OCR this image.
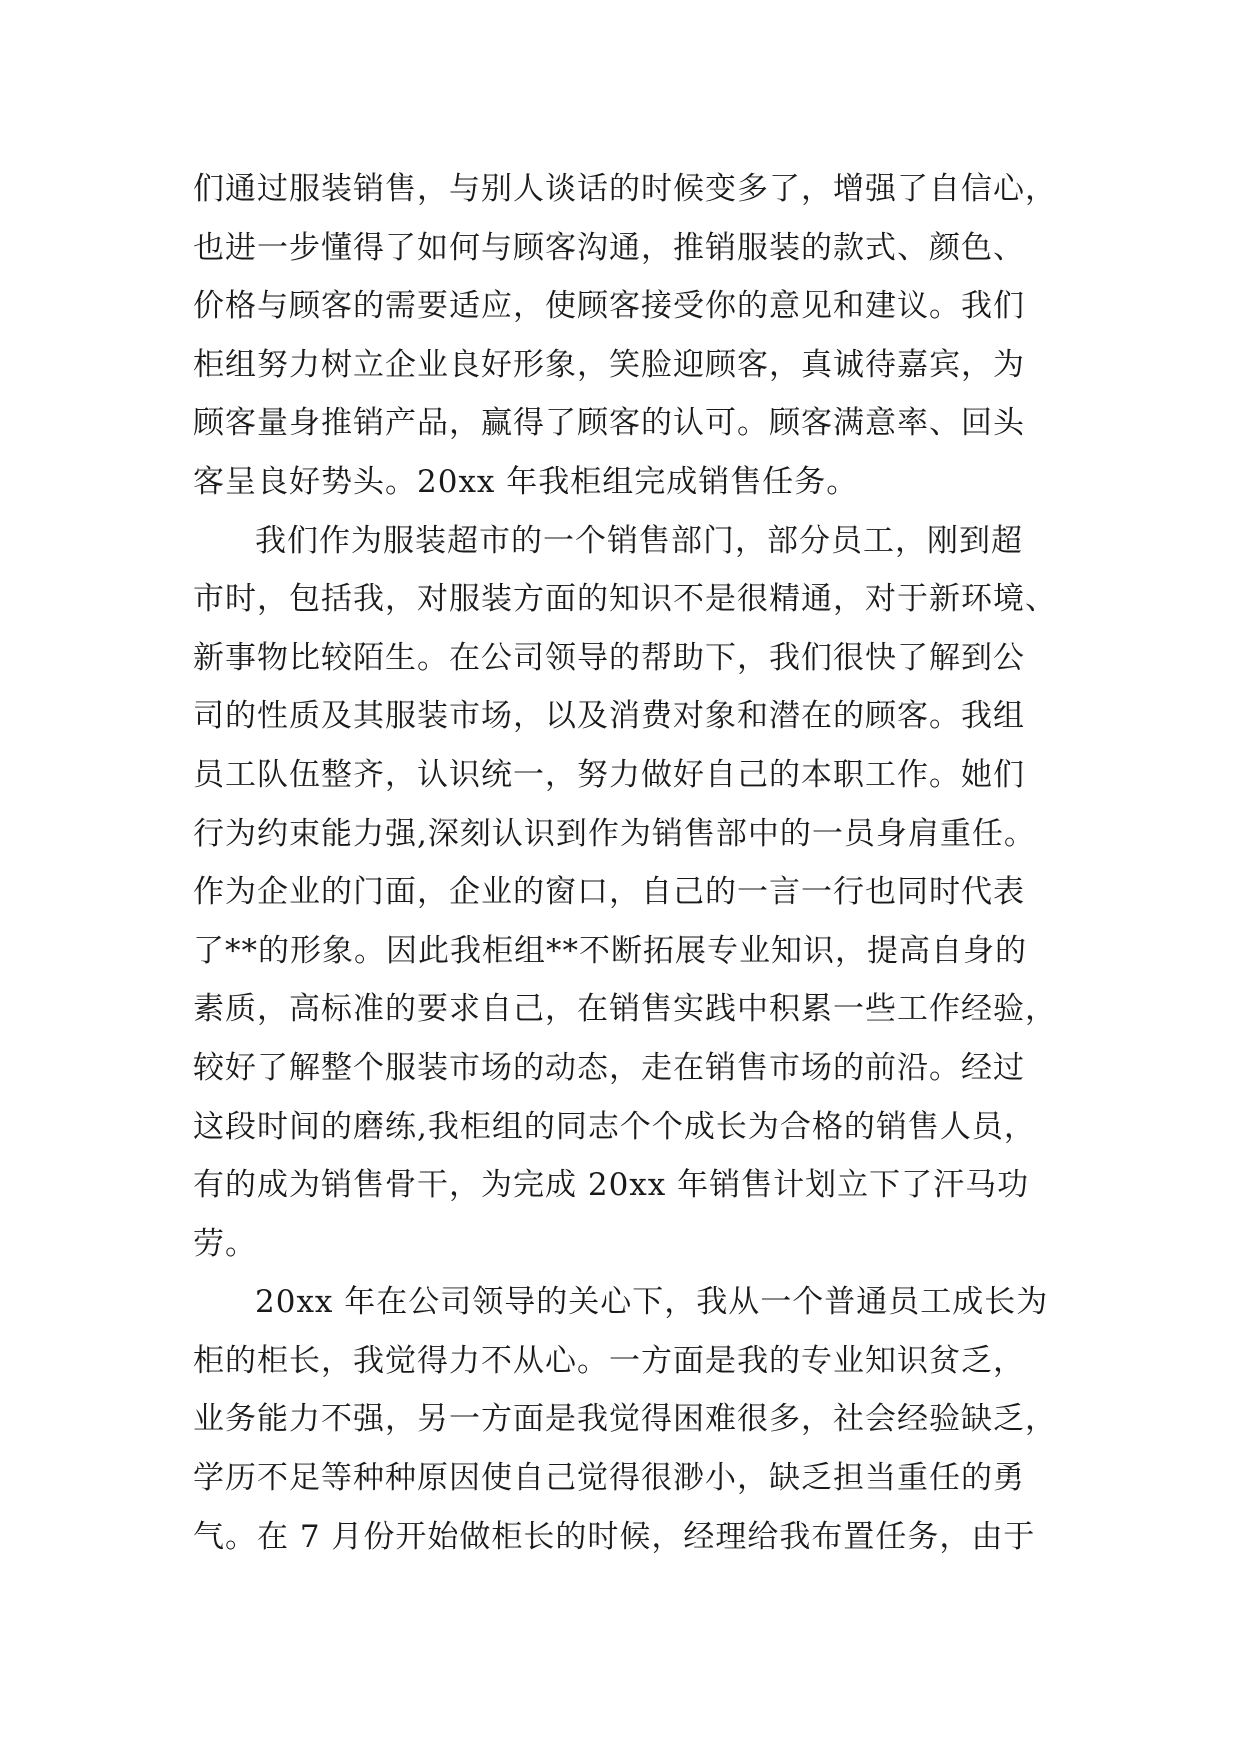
们通过服装销售，与别人谈话的时候变多了，增强了自信心，
也进一步懂得了如何与顾客沟通，推销服装的款式、颜色、
价格与顾客的需要适应，使顾客接受你的意见和建议。我们
柜组努力树立企业良好形象，笑脸迎顾客，真诚待嘉宾，为
顾客量身推销产品，赢得了顾客的认可。顾客满意率、回头
客呈良好势头。20xx 年我柜组完成销售任务。
我们作为服装超市的一个销售部门，部分员工，刚到超
市时，包括我，对服装方面的知识不是很精通，对于新环境、
新事物比较陌生。在公司领导的帮助下，我们很快了解到公
司的性质及其服装市场，以及消费对象和潜在的顾客。我组
员工队伍整齐，认识统一，努力做好自己的本职工作。她们
行为约束能力强,深刻认识到作为销售部中的一员身肩重任。
作为企业的门面，企业的窗口，自己的一言一行也同时代表
了**的形象。因此我柜组**不断拓展专业知识，提高自身的
素质，高标准的要求自己，在销售实践中积累一些工作经验，
较好了解整个服装市场的动态，走在销售市场的前沿。经过
这段时间的磨练,我柜组的同志个个成长为合格的销售人员，
有的成为销售骨干，为完成 20xx 年销售计划立下了汗马功
劳。
20xx 年在公司领导的关心下，我从一个普通员工成长为
柜的柜长，我觉得力不从心。一方面是我的专业知识贫乏，
业务能力不强，另一方面是我觉得困难很多，社会经验缺乏，
学历不足等种种原因使自己觉得很渺小，缺乏担当重任的勇
气。在 7 月份开始做柜长的时候，经理给我布置任务，由于
